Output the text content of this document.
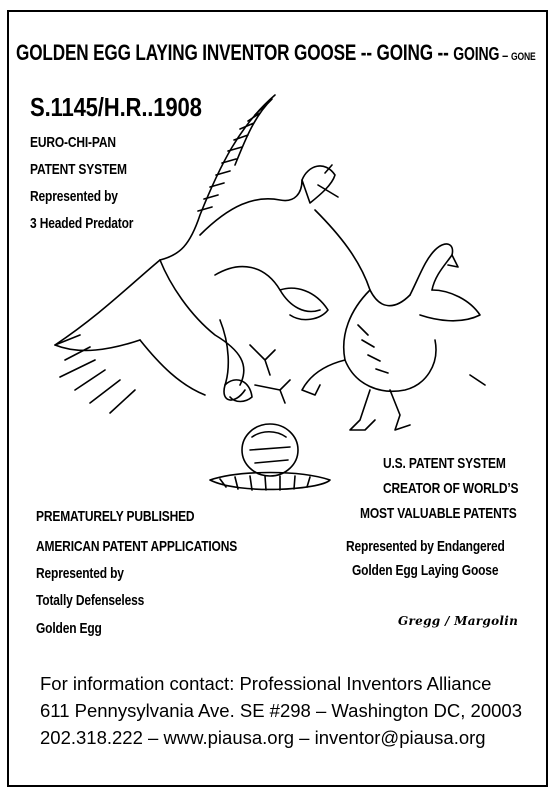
GOLDEN EGG LAYING INVENTOR GOOSE -- GOING -- GOING – GONE
S.1145/H.R..1908
EURO-CHI-PAN
PATENT SYSTEM
Represented by
3 Headed Predator
U.S. PATENT SYSTEM
CREATOR OF WORLD’S
MOST VALUABLE PATENTS
Represented by Endangered
Golden Egg Laying Goose
PREMATURELY PUBLISHED
AMERICAN PATENT APPLICATIONS
Represented by
Totally Defenseless
Golden Egg	Gregg / Margolin
For information contact: Professional Inventors Alliance
611 Pennysylvania Ave. SE #298 – Washington DC, 20003
202.318.222 – www.piausa.org – inventor@piausa.org
